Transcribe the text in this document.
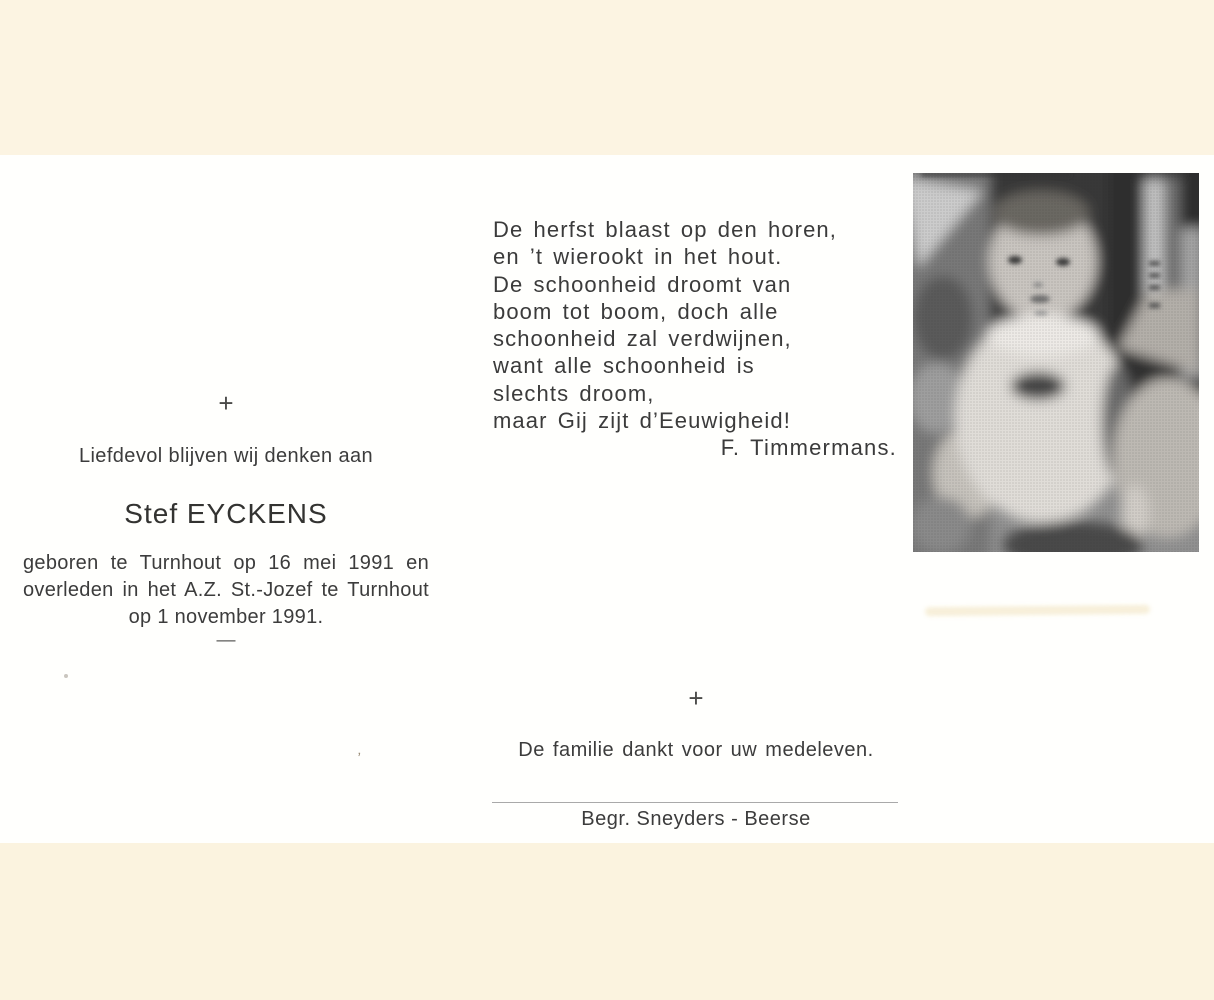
+
Liefdevol blijven wij denken aan
Stef EYCKENS
geboren te Turnhout op 16 mei 1991 en
overleden in het A.Z. St.-Jozef te Turnhout
op 1 november 1991.
—
De herfst blaast op den horen,
en ’t wierookt in het hout.
De schoonheid droomt van
boom tot boom, doch alle
schoonheid zal verdwijnen,
want alle schoonheid is
slechts droom,
maar Gij zijt d’Eeuwigheid!
F. Timmermans.
+
De familie dankt voor uw medeleven.
Begr. Sneyders - Beerse
’
